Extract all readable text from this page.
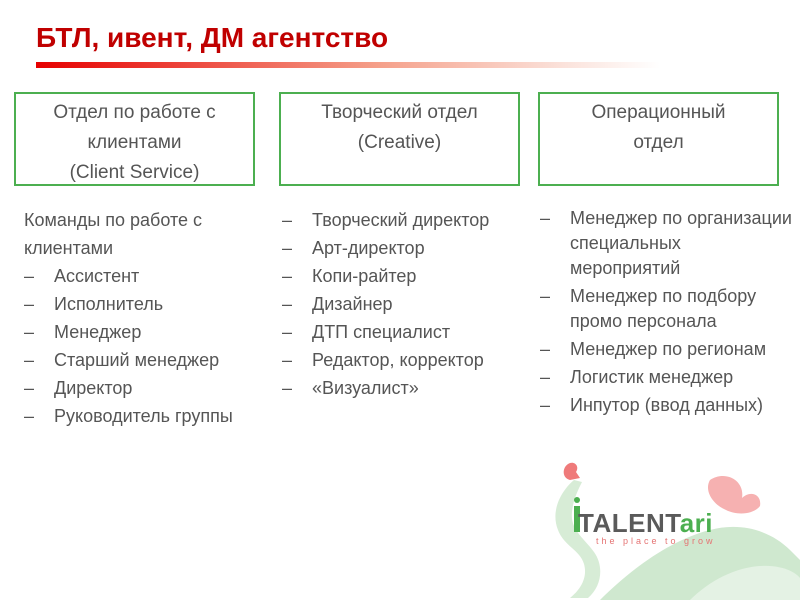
БТЛ, ивент, ДМ агентство
Отдел по работе с
клиентами
(Client Service)
Творческий отдел
(Creative)
Операционный
отдел
Команды по работе с
клиентами
– Ассистент
– Исполнитель
– Менеджер
– Старший менеджер
– Директор
– Руководитель группы
– Творческий директор
– Арт-директор
– Копи-райтер
– Дизайнер
– ДТП специалист
– Редактор, корректор
– «Визуалист»
– Менеджер по организации специальных мероприятий
– Менеджер по подбору промо персонала
– Менеджер по регионам
– Логистик менеджер
– Инпутор (ввод данных)
TALENTari
the place to grow
